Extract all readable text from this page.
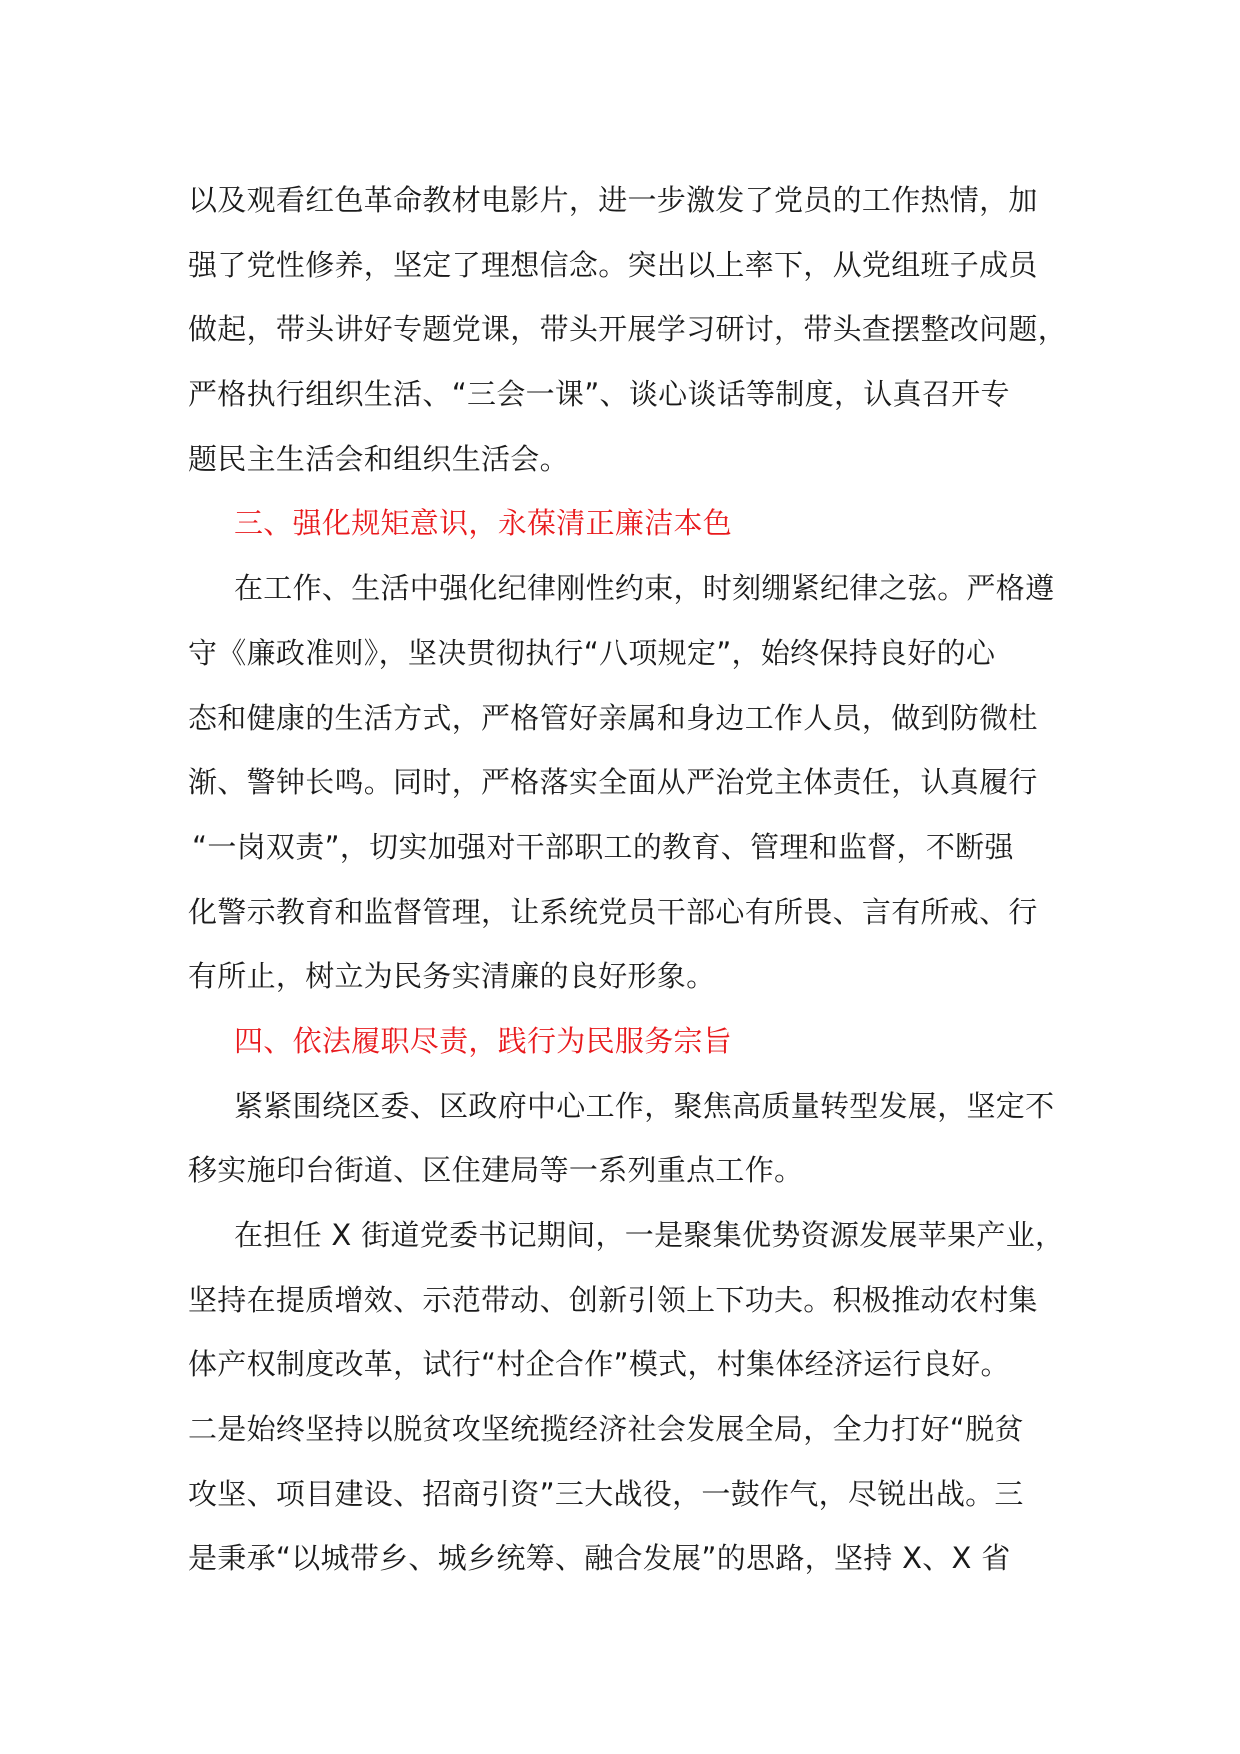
以及观看红色革命教材电影片，进一步激发了党员的工作热情，加
强了党性修养，坚定了理想信念。突出以上率下，从党组班子成员
做起，带头讲好专题党课，带头开展学习研讨，带头查摆整改问题，
严格执行组织生活、“三会一课”、谈心谈话等制度，认真召开专
题民主生活会和组织生活会。
三、强化规矩意识，永葆清正廉洁本色
在工作、生活中强化纪律刚性约束，时刻绷紧纪律之弦。严格遵
守《廉政准则》，坚决贯彻执行“八项规定”，始终保持良好的心
态和健康的生活方式，严格管好亲属和身边工作人员，做到防微杜
渐、警钟长鸣。同时，严格落实全面从严治党主体责任，认真履行
“一岗双责”，切实加强对干部职工的教育、管理和监督，不断强
化警示教育和监督管理，让系统党员干部心有所畏、言有所戒、行
有所止，树立为民务实清廉的良好形象。
四、依法履职尽责，践行为民服务宗旨
紧紧围绕区委、区政府中心工作，聚焦高质量转型发展，坚定不
移实施印台街道、区住建局等一系列重点工作。
在担任 X 街道党委书记期间，一是聚集优势资源发展苹果产业，
坚持在提质增效、示范带动、创新引领上下功夫。积极推动农村集
体产权制度改革，试行“村企合作”模式，村集体经济运行良好。
二是始终坚持以脱贫攻坚统揽经济社会发展全局，全力打好“脱贫
攻坚、项目建设、招商引资”三大战役，一鼓作气，尽锐出战。三
是秉承“以城带乡、城乡统筹、融合发展”的思路，坚持 X、X 省
